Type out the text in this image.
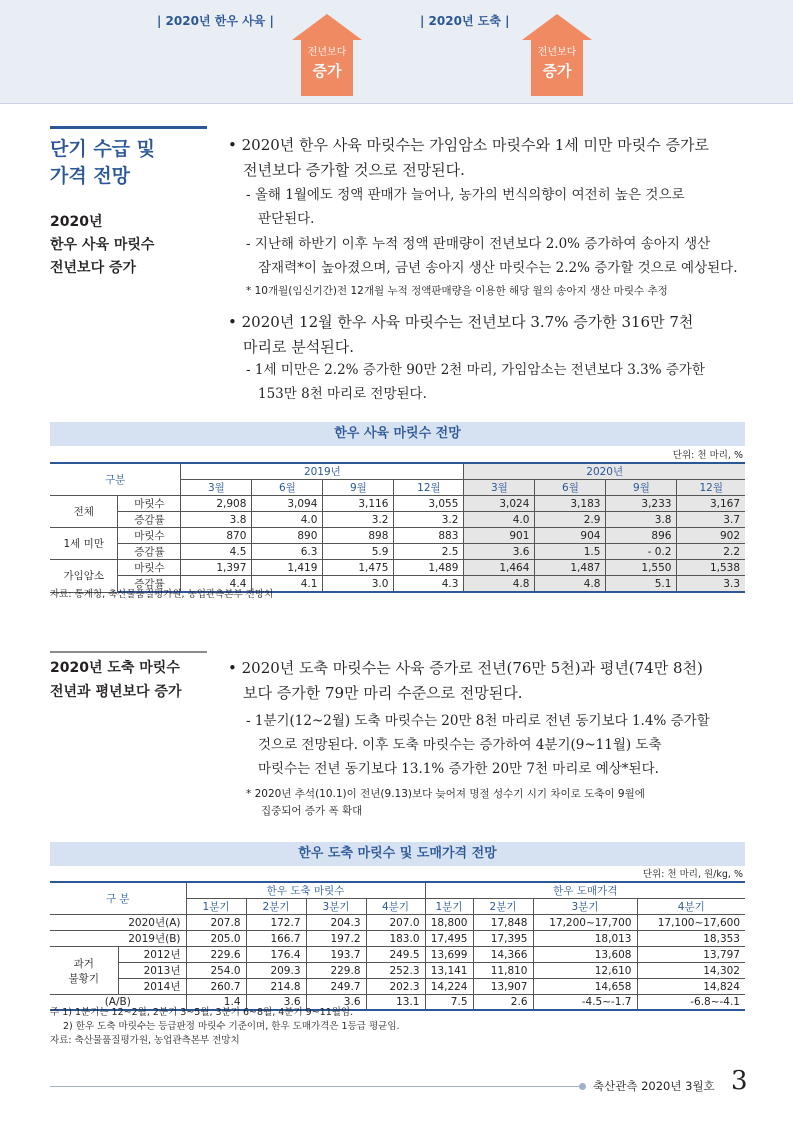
| 2020년 한우 사육 |
전년보다
증가
| 2020년 도축 |
전년보다
증가
단기 수급 및
가격 전망
2020년
한우 사육 마릿수
전년보다 증가
• 2020년 한우 사육 마릿수는 가임암소 마릿수와 1세 미만 마릿수 증가로
전년보다 증가할 것으로 전망된다.
- 올해 1월에도 정액 판매가 늘어나, 농가의 번식의향이 여전히 높은 것으로
판단된다.
- 지난해 하반기 이후 누적 정액 판매량이 전년보다 2.0% 증가하여 송아지 생산
잠재력*이 높아졌으며, 금년 송아지 생산 마릿수는 2.2% 증가할 것으로 예상된다.
* 10개월(임신기간)전 12개월 누적 정액판매량을 이용한 해당 월의 송아지 생산 마릿수 추정
• 2020년 12월 한우 사육 마릿수는 전년보다 3.7% 증가한 316만 7천
마리로 분석된다.
- 1세 미만은 2.2% 증가한 90만 2천 마리, 가임암소는 전년보다 3.3% 증가한
153만 8천 마리로 전망된다.
한우 사육 마릿수 전망
단위: 천 마리, %
구분		2019년				2020년			
		3월	6월	9월	12월	3월	6월	9월	12월
전체	마릿수	2,908	3,094	3,116	3,055	3,024	3,183	3,233	3,167
	증감률	3.8	4.0	3.2	3.2	4.0	2.9	3.8	3.7
1세 미만	마릿수	870	890	898	883	901	904	896	902
	증감률	4.5	6.3	5.9	2.5	3.6	1.5	- 0.2	2.2
가임암소	마릿수	1,397	1,419	1,475	1,489	1,464	1,487	1,550	1,538
	증감률	4.4	4.1	3.0	4.3	4.8	4.8	5.1	3.3
자료: 통계청, 축산물품질평가원, 농업관측본부 전망치
2020년 도축 마릿수
전년과 평년보다 증가
• 2020년 도축 마릿수는 사육 증가로 전년(76만 5천)과 평년(74만 8천)
보다 증가한 79만 마리 수준으로 전망된다.
- 1분기(12~2월) 도축 마릿수는 20만 8천 마리로 전년 동기보다 1.4% 증가할
것으로 전망된다. 이후 도축 마릿수는 증가하여 4분기(9~11월) 도축
마릿수는 전년 동기보다 13.1% 증가한 20만 7천 마리로 예상*된다.
* 2020년 추석(10.1)이 전년(9.13)보다 늦어져 명절 성수기 시기 차이로 도축이 9월에
집중되어 증가 폭 확대
한우 도축 마릿수 및 도매가격 전망
단위: 천 마리, 원/kg, %
구 분		한우 도축 마릿수				한우 도매가격			
		1분기	2분기	3분기	4분기	1분기	2분기	3분기	4분기
2020년(A)		207.8	172.7	204.3	207.0	18,800	17,848	17,200~17,700	17,100~17,600
2019년(B)		205.0	166.7	197.2	183.0	17,495	17,395	18,013	18,353

과거
불황기	2012년	229.6	176.4	193.7	249.5	13,699	14,366	13,608	13,797
	2013년	254.0	209.3	229.8	252.3	13,141	11,810	12,610	14,302
	2014년	260.7	214.8	249.7	202.3	14,224	13,907	14,658	14,824
(A/B)		1.4	3.6	3.6	13.1	7.5	2.6	-4.5~-1.7	-6.8~-4.1
주 1) 1분기는 12~2월, 2분기 3~5월, 3분기 6~8월, 4분기 9~11월임.
2) 한우 도축 마릿수는 등급판정 마릿수 기준이며, 한우 도매가격은 1등급 평균임.
자료: 축산물품질평가원, 농업관측본부 전망치
축산관측 2020년 3월호 3
